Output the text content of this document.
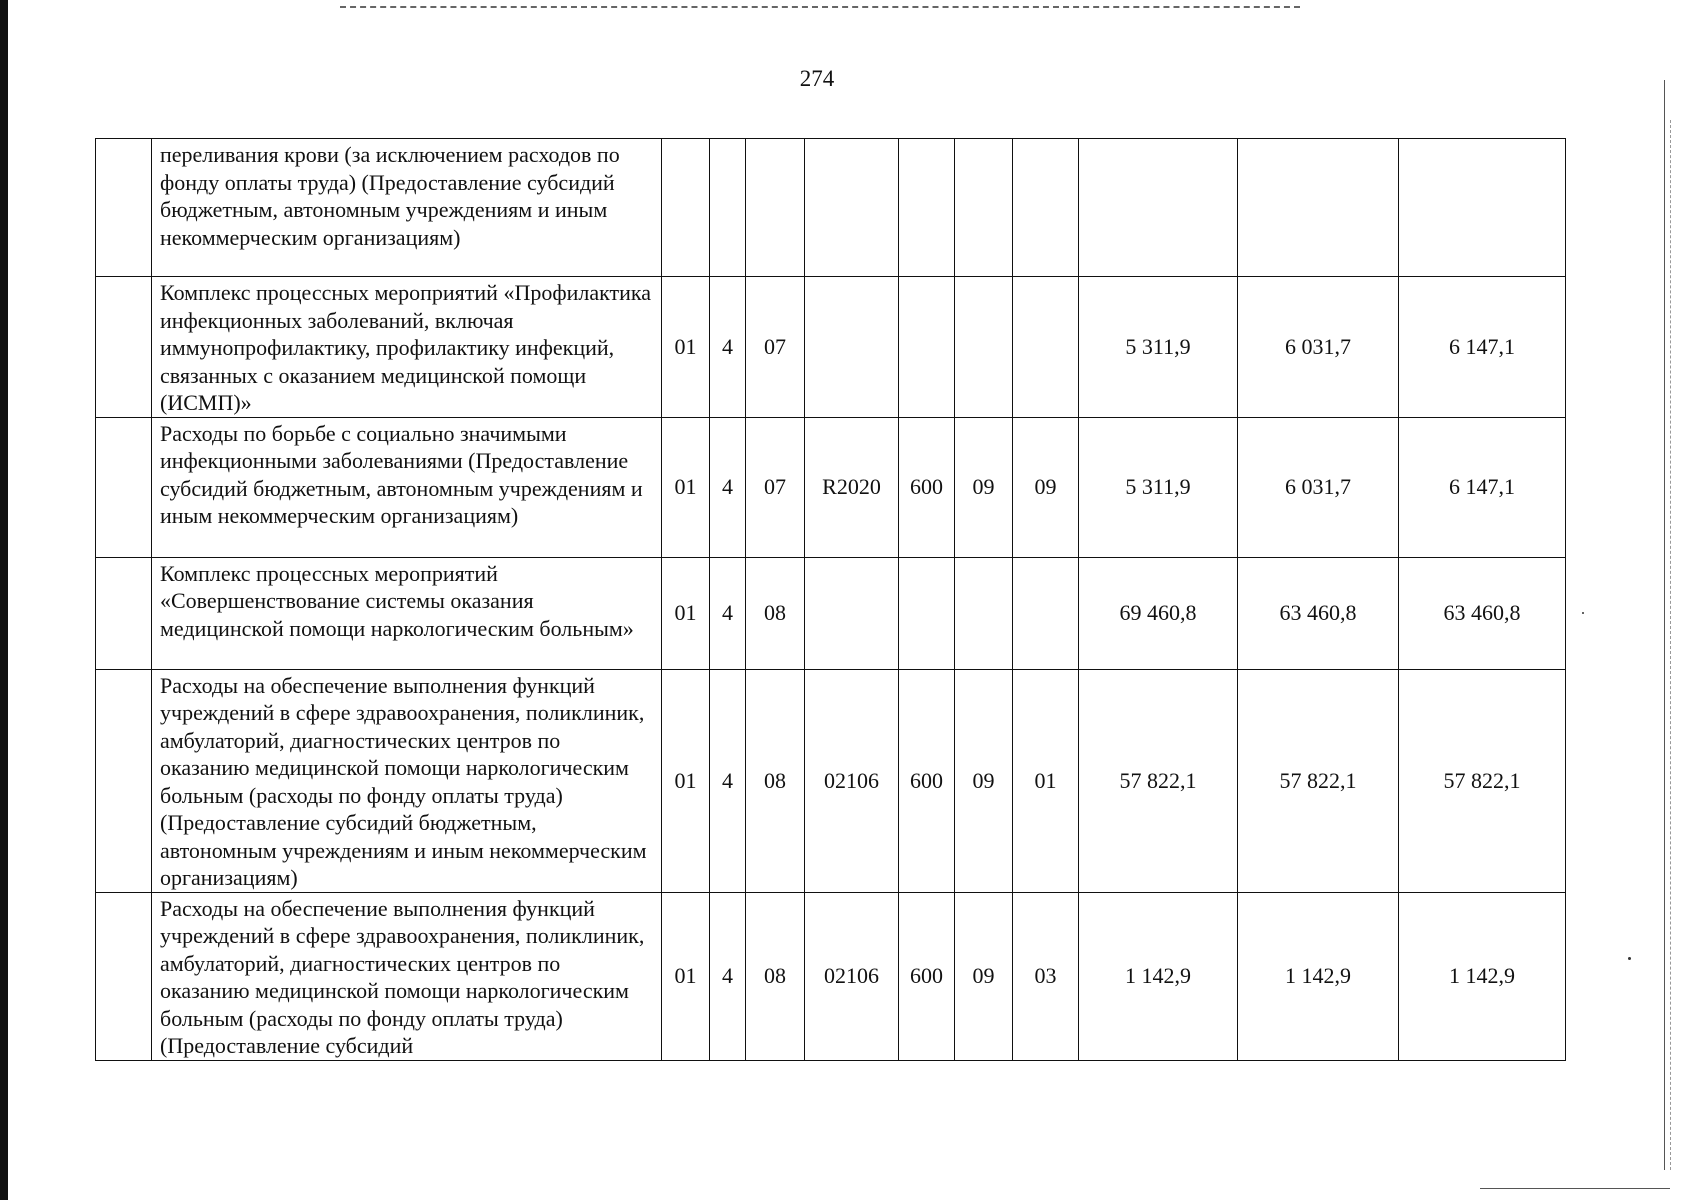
274
	переливания крови (за исключением расходов по фонду оплаты труда) (Предоставление субсидий бюджетным, автономным учреждениям и иным некоммерческим организациям)										
	Комплекс процессных мероприятий «Профилактика инфекционных заболеваний, включая иммунопрофилактику, профилактику инфекций, связанных с оказанием медицинской помощи (ИСМП)»	01	4	07					5 311,9	6 031,7	6 147,1
	Расходы по борьбе с социально значимыми инфекционными заболеваниями (Предоставление субсидий бюджетным, автономным учреждениям и иным некоммерческим организациям)	01	4	07	R2020	600	09	09	5 311,9	6 031,7	6 147,1
	Комплекс процессных мероприятий «Совершенствование системы оказания медицинской помощи наркологическим больным»	01	4	08					69 460,8	63 460,8	63 460,8
	Расходы на обеспечение выполнения функций учреждений в сфере здравоохранения, поликлиник, амбулаторий, диагностических центров по оказанию медицинской помощи наркологическим больным (расходы по фонду оплаты труда) (Предоставление субсидий бюджетным, автономным учреждениям и иным некоммерческим организациям)	01	4	08	02106	600	09	01	57 822,1	57 822,1	57 822,1
	Расходы на обеспечение выполнения функций учреждений в сфере здравоохранения, поликлиник, амбулаторий, диагностических центров по оказанию медицинской помощи наркологическим больным (расходы по фонду оплаты труда) (Предоставление субсидий	01	4	08	02106	600	09	03	1 142,9	1 142,9	1 142,9
